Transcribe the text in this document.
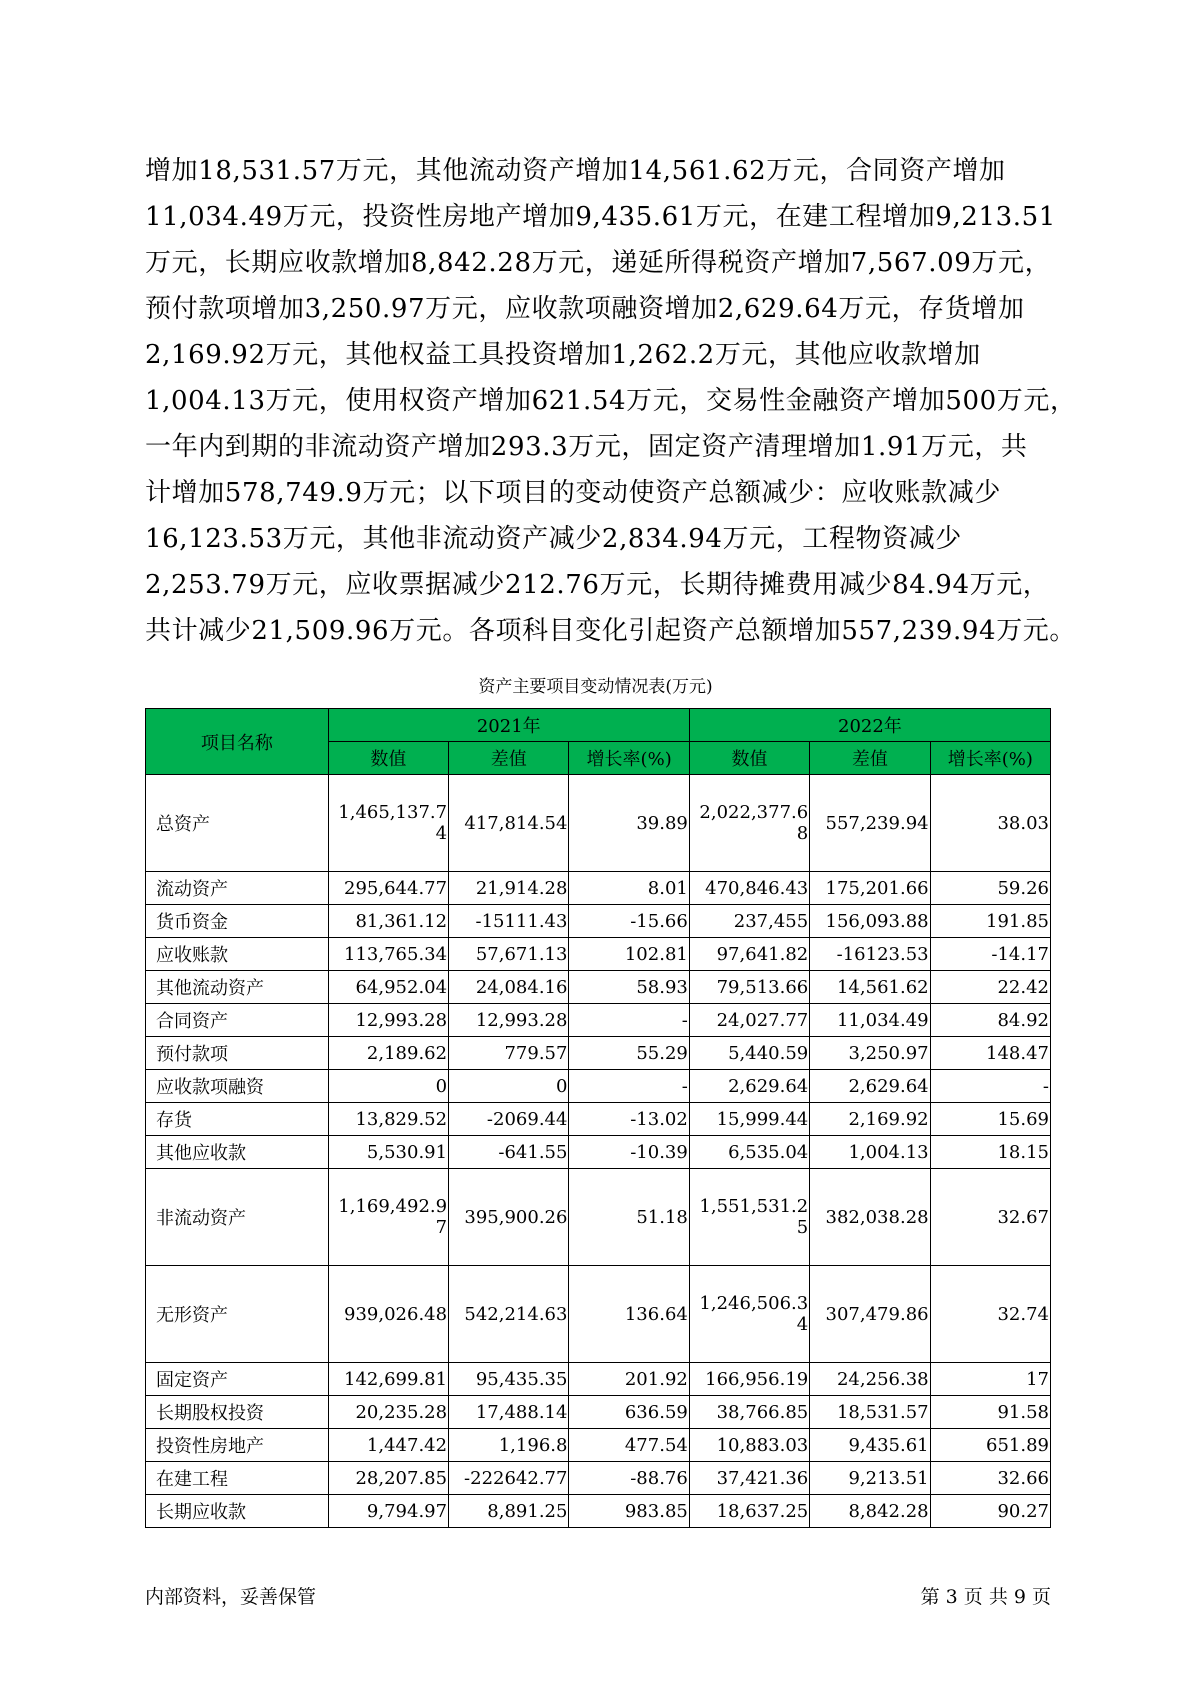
增加18,531.57万元，其他流动资产增加14,561.62万元，合同资产增加
11,034.49万元，投资性房地产增加9,435.61万元，在建工程增加9,213.51
万元，长期应收款增加8,842.28万元，递延所得税资产增加7,567.09万元，
预付款项增加3,250.97万元，应收款项融资增加2,629.64万元，存货增加
2,169.92万元，其他权益工具投资增加1,262.2万元，其他应收款增加
1,004.13万元，使用权资产增加621.54万元，交易性金融资产增加500万元，
一年内到期的非流动资产增加293.3万元，固定资产清理增加1.91万元，共
计增加578,749.9万元；以下项目的变动使资产总额减少：应收账款减少
16,123.53万元，其他非流动资产减少2,834.94万元，工程物资减少
2,253.79万元，应收票据减少212.76万元，长期待摊费用减少84.94万元，
共计减少21,509.96万元。各项科目变化引起资产总额增加557,239.94万元。
资产主要项目变动情况表(万元)
项目名称	2021年			2022年		
	数值	差值	增长率(%)	数值	差值	增长率(%)
总资产	1,465,137.74	417,814.54	39.89	2,022,377.68	557,239.94	38.03
流动资产	295,644.77	21,914.28	8.01	470,846.43	175,201.66	59.26
货币资金	81,361.12	-15111.43	-15.66	237,455	156,093.88	191.85
应收账款	113,765.34	57,671.13	102.81	97,641.82	-16123.53	-14.17
其他流动资产	64,952.04	24,084.16	58.93	79,513.66	14,561.62	22.42
合同资产	12,993.28	12,993.28	-	24,027.77	11,034.49	84.92
预付款项	2,189.62	779.57	55.29	5,440.59	3,250.97	148.47
应收款项融资	0	0	-	2,629.64	2,629.64	-
存货	13,829.52	-2069.44	-13.02	15,999.44	2,169.92	15.69
其他应收款	5,530.91	-641.55	-10.39	6,535.04	1,004.13	18.15
非流动资产	1,169,492.97	395,900.26	51.18	1,551,531.25	382,038.28	32.67
无形资产	939,026.48	542,214.63	136.64	1,246,506.34	307,479.86	32.74
固定资产	142,699.81	95,435.35	201.92	166,956.19	24,256.38	17
长期股权投资	20,235.28	17,488.14	636.59	38,766.85	18,531.57	91.58
投资性房地产	1,447.42	1,196.8	477.54	10,883.03	9,435.61	651.89
在建工程	28,207.85	-222642.77	-88.76	37,421.36	9,213.51	32.66
长期应收款	9,794.97	8,891.25	983.85	18,637.25	8,842.28	90.27
内部资料，妥善保管	第 3 页 共 9 页
